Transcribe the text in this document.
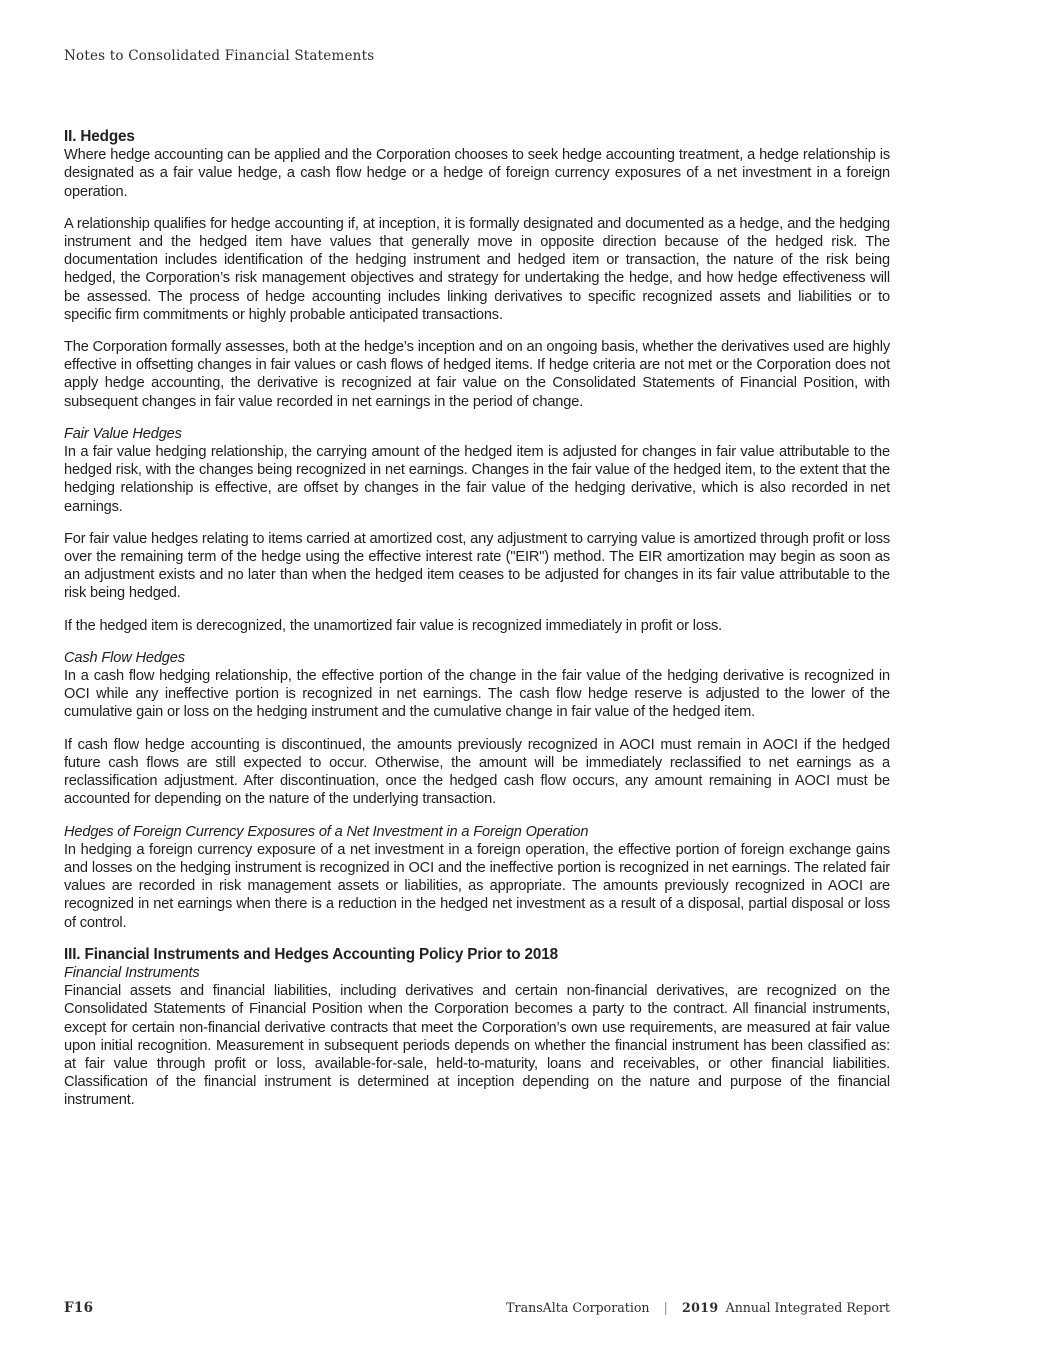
Notes to Consolidated Financial Statements
II. Hedges

Where hedge accounting can be applied and the Corporation chooses to seek hedge accounting treatment, a hedge relationship is designated as a fair value hedge, a cash flow hedge or a hedge of foreign currency exposures of a net investment in a foreign operation.

A relationship qualifies for hedge accounting if, at inception, it is formally designated and documented as a hedge, and the hedging instrument and the hedged item have values that generally move in opposite direction because of the hedged risk. The documentation includes identification of the hedging instrument and hedged item or transaction, the nature of the risk being hedged, the Corporation’s risk management objectives and strategy for undertaking the hedge, and how hedge effectiveness will be assessed. The process of hedge accounting includes linking derivatives to specific recognized assets and liabilities or to specific firm commitments or highly probable anticipated transactions.

The Corporation formally assesses, both at the hedge’s inception and on an ongoing basis, whether the derivatives used are highly effective in offsetting changes in fair values or cash flows of hedged items. If hedge criteria are not met or the Corporation does not apply hedge accounting, the derivative is recognized at fair value on the Consolidated Statements of Financial Position, with subsequent changes in fair value recorded in net earnings in the period of change.

Fair Value Hedges

In a fair value hedging relationship, the carrying amount of the hedged item is adjusted for changes in fair value attributable to the hedged risk, with the changes being recognized in net earnings. Changes in the fair value of the hedged item, to the extent that the hedging relationship is effective, are offset by changes in the fair value of the hedging derivative, which is also recorded in net earnings.

For fair value hedges relating to items carried at amortized cost, any adjustment to carrying value is amortized through profit or loss over the remaining term of the hedge using the effective interest rate ("EIR") method. The EIR amortization may begin as soon as an adjustment exists and no later than when the hedged item ceases to be adjusted for changes in its fair value attributable to the risk being hedged.

If the hedged item is derecognized, the unamortized fair value is recognized immediately in profit or loss.

Cash Flow Hedges

In a cash flow hedging relationship, the effective portion of the change in the fair value of the hedging derivative is recognized in OCI while any ineffective portion is recognized in net earnings. The cash flow hedge reserve is adjusted to the lower of the cumulative gain or loss on the hedging instrument and the cumulative change in fair value of the hedged item.

If cash flow hedge accounting is discontinued, the amounts previously recognized in AOCI must remain in AOCI if the hedged future cash flows are still expected to occur. Otherwise, the amount will be immediately reclassified to net earnings as a reclassification adjustment. After discontinuation, once the hedged cash flow occurs, any amount remaining in AOCI must be accounted for depending on the nature of the underlying transaction.

Hedges of Foreign Currency Exposures of a Net Investment in a Foreign Operation

In hedging a foreign currency exposure of a net investment in a foreign operation, the effective portion of foreign exchange gains and losses on the hedging instrument is recognized in OCI and the ineffective portion is recognized in net earnings. The related fair values are recorded in risk management assets or liabilities, as appropriate. The amounts previously recognized in AOCI are recognized in net earnings when there is a reduction in the hedged net investment as a result of a disposal, partial disposal or loss of control.

III. Financial Instruments and Hedges Accounting Policy Prior to 2018
Financial Instruments

Financial assets and financial liabilities, including derivatives and certain non-financial derivatives, are recognized on the Consolidated Statements of Financial Position when the Corporation becomes a party to the contract. All financial instruments, except for certain non-financial derivative contracts that meet the Corporation’s own use requirements, are measured at fair value upon initial recognition. Measurement in subsequent periods depends on whether the financial instrument has been classified as: at fair value through profit or loss, available-for-sale, held-to-maturity, loans and receivables, or other financial liabilities. Classification of the financial instrument is determined at inception depending on the nature and purpose of the financial instrument.

F16	TransAlta Corporation | 2019 Annual Integrated Report
